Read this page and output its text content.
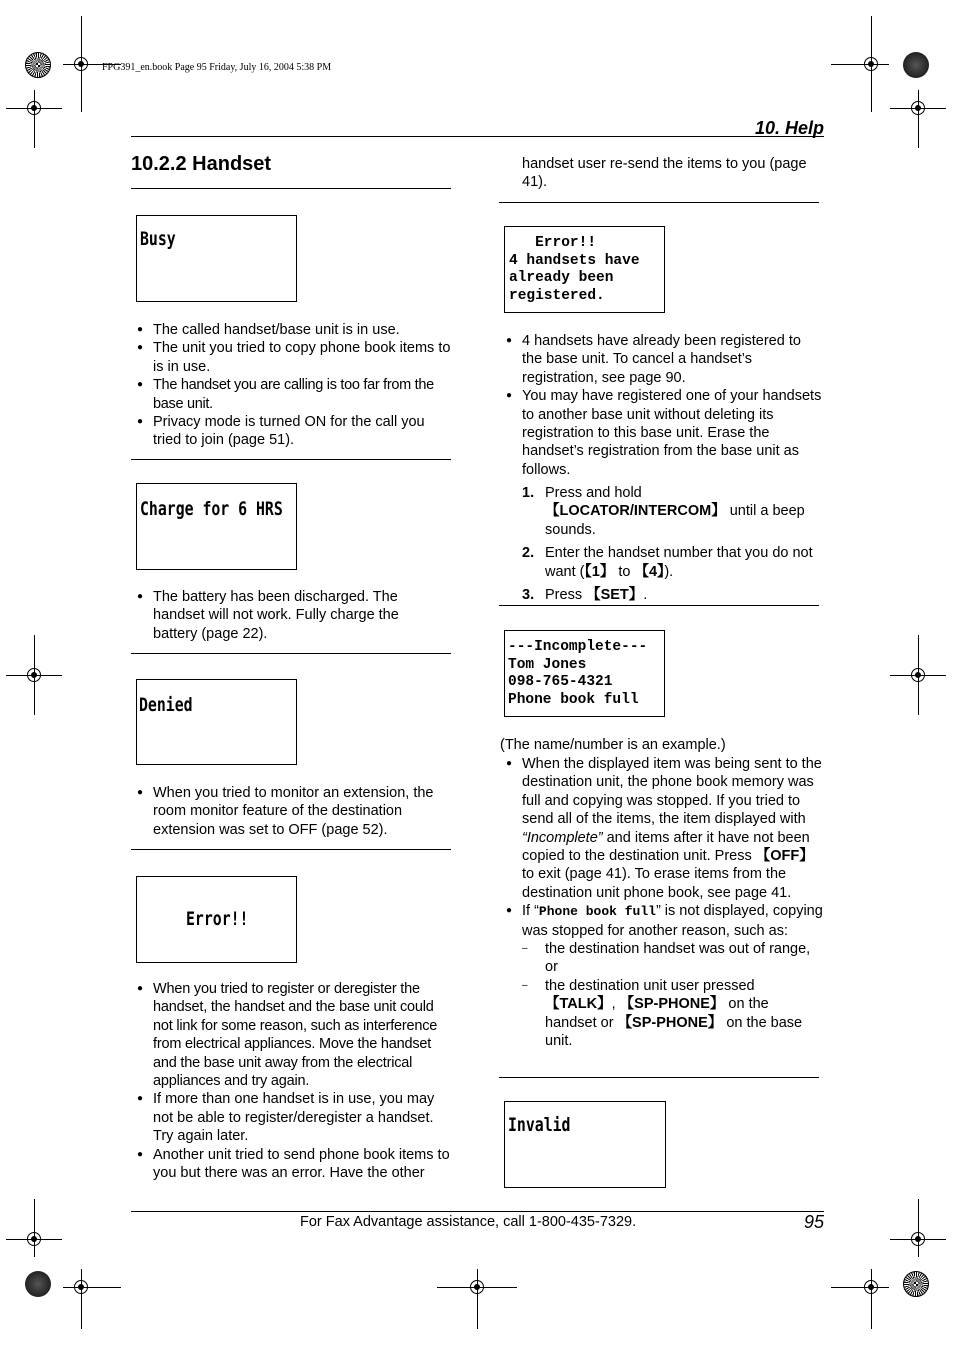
FPG391_en.book Page 95 Friday, July 16, 2004 5:38 PM
10. Help
10.2.2 Handset
Busy
● The called handset/base unit is in use.
● The unit you tried to copy phone book items to is in use.
● The handset you are calling is too far from the base unit.
● Privacy mode is turned ON for the call you tried to join (page 51).
Charge for 6 HRS
● The battery has been discharged. The handset will not work. Fully charge the battery (page 22).
Denied
● When you tried to monitor an extension, the room monitor feature of the destination extension was set to OFF (page 52).
Error!!
● When you tried to register or deregister the handset, the handset and the base unit could not link for some reason, such as interference from electrical appliances. Move the handset and the base unit away from the electrical appliances and try again.
● If more than one handset is in use, you may not be able to register/deregister a handset. Try again later.
● Another unit tried to send phone book items to you but there was an error. Have the other
handset user re-send the items to you (page 41).
Error!!
4 handsets have
already been
registered.
● 4 handsets have already been registered to the base unit. To cancel a handset’s registration, see page 90.
● You may have registered one of your handsets to another base unit without deleting its registration to this base unit. Erase the handset’s registration from the base unit as follows.
1. Press and hold 【LOCATOR/INTERCOM】 until a beep sounds.
2. Enter the handset number that you do not want (【1】 to 【4】).
3. Press 【SET】.
---Incomplete---
Tom Jones
098-765-4321
Phone book full
(The name/number is an example.)
● When the displayed item was being sent to the destination unit, the phone book memory was full and copying was stopped. If you tried to send all of the items, the item displayed with “Incomplete” and items after it have not been copied to the destination unit. Press 【OFF】 to exit (page 41). To erase items from the destination unit phone book, see page 41.
● If “Phone book full” is not displayed, copying was stopped for another reason, such as:
– the destination handset was out of range, or
– the destination unit user pressed 【TALK】, 【SP-PHONE】 on the handset or 【SP-PHONE】 on the base unit.
Invalid
For Fax Advantage assistance, call 1-800-435-7329.	95
